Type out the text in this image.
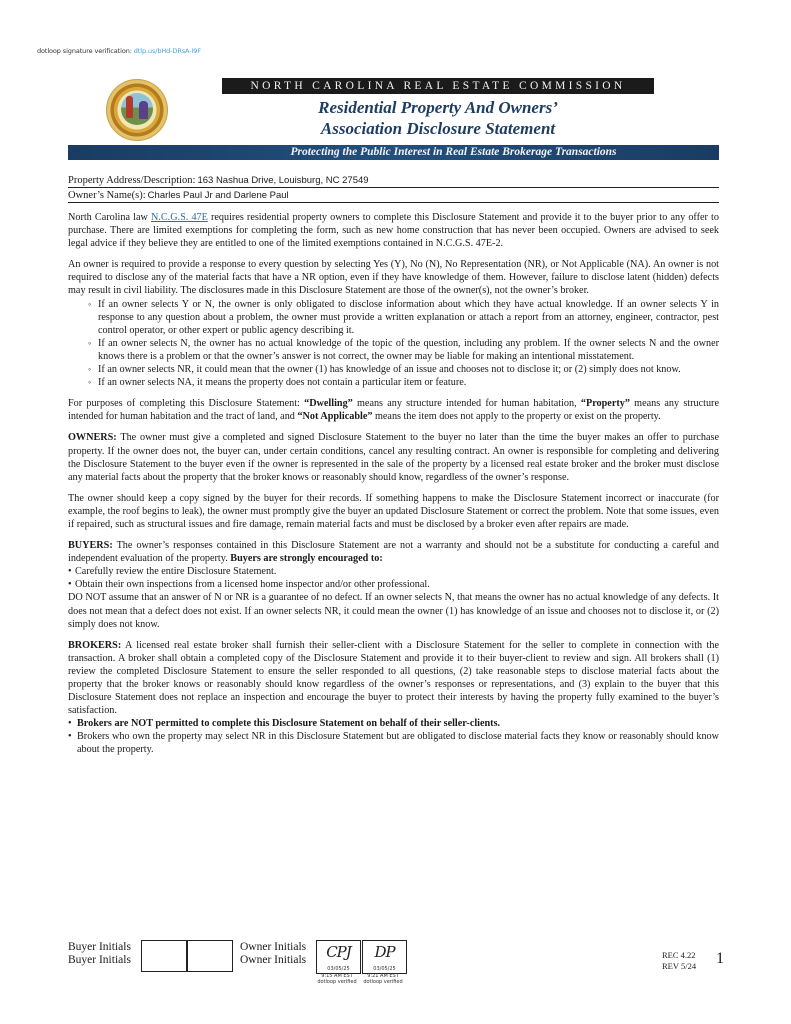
dotloop signature verification: dtlp.us/bHd-DRsA-I9F
NORTH CAROLINA REAL ESTATE COMMISSION
Residential Property And Owners’
Association Disclosure Statement
Protecting the Public Interest in Real Estate Brokerage Transactions
Property Address/Description: 163 Nashua Drive, Louisburg, NC 27549
Owner’s Name(s): Charles Paul Jr and Darlene Paul

North Carolina law N.C.G.S. 47E requires residential property owners to complete this Disclosure Statement and provide it to the buyer prior to any offer to purchase. There are limited exemptions for completing the form, such as new home construction that has never been occupied. Owners are advised to seek legal advice if they believe they are entitled to one of the limited exemptions contained in N.C.G.S. 47E-2.

An owner is required to provide a response to every question by selecting Yes (Y), No (N), No Representation (NR), or Not Applicable (NA). An owner is not required to disclose any of the material facts that have a NR option, even if they have knowledge of them. However, failure to disclose latent (hidden) defects may result in civil liability. The disclosures made in this Disclosure Statement are those of the owner(s), not the owner’s broker.

◦ If an owner selects Y or N, the owner is only obligated to disclose information about which they have actual knowledge. If an owner selects Y in response to any question about a problem, the owner must provide a written explanation or attach a report from an attorney, engineer, contractor, pest control operator, or other expert or public agency describing it.
◦ If an owner selects N, the owner has no actual knowledge of the topic of the question, including any problem. If the owner selects N and the owner knows there is a problem or that the owner’s answer is not correct, the owner may be liable for making an intentional misstatement.
◦ If an owner selects NR, it could mean that the owner (1) has knowledge of an issue and chooses not to disclose it; or (2) simply does not know.
◦ If an owner selects NA, it means the property does not contain a particular item or feature.

For purposes of completing this Disclosure Statement: “Dwelling” means any structure intended for human habitation, “Property” means any structure intended for human habitation and the tract of land, and “Not Applicable” means the item does not apply to the property or exist on the property.

OWNERS: The owner must give a completed and signed Disclosure Statement to the buyer no later than the time the buyer makes an offer to purchase property. If the owner does not, the buyer can, under certain conditions, cancel any resulting contract. An owner is responsible for completing and delivering the Disclosure Statement to the buyer even if the owner is represented in the sale of the property by a licensed real estate broker and the broker must disclose any material facts about the property that the broker knows or reasonably should know, regardless of the owner’s response.

The owner should keep a copy signed by the buyer for their records. If something happens to make the Disclosure Statement incorrect or inaccurate (for example, the roof begins to leak), the owner must promptly give the buyer an updated Disclosure Statement or correct the problem. Note that some issues, even if repaired, such as structural issues and fire damage, remain material facts and must be disclosed by a broker even after repairs are made.

BUYERS: The owner’s responses contained in this Disclosure Statement are not a warranty and should not be a substitute for conducting a careful and independent evaluation of the property. Buyers are strongly encouraged to:

• Carefully review the entire Disclosure Statement.
• Obtain their own inspections from a licensed home inspector and/or other professional.

DO NOT assume that an answer of N or NR is a guarantee of no defect. If an owner selects N, that means the owner has no actual knowledge of any defects. It does not mean that a defect does not exist. If an owner selects NR, it could mean the owner (1) has knowledge of an issue and chooses not to disclose it, or (2) simply does not know.

BROKERS: A licensed real estate broker shall furnish their seller-client with a Disclosure Statement for the seller to complete in connection with the transaction. A broker shall obtain a completed copy of the Disclosure Statement and provide it to their buyer-client to review and sign. All brokers shall (1) review the completed Disclosure Statement to ensure the seller responded to all questions, (2) take reasonable steps to disclose material facts about the property that the broker knows or reasonably should know regardless of the owner’s responses or representations, and (3) explain to the buyer that this Disclosure Statement does not replace an inspection and encourage the buyer to protect their interests by having the property fully examined to the buyer’s satisfaction.

• Brokers are NOT permitted to complete this Disclosure Statement on behalf of their seller-clients.
• Brokers who own the property may select NR in this Disclosure Statement but are obligated to disclose material facts they know or reasonably should know about the property.
Buyer Initials
Buyer Initials
Owner Initials
Owner Initials	CPJ
03/05/25
DP
03/05/25
9:15 AM EST
dotloop verified
9:21 AM EST
dotloop verified
REC 4.22
REV 5/24 1
